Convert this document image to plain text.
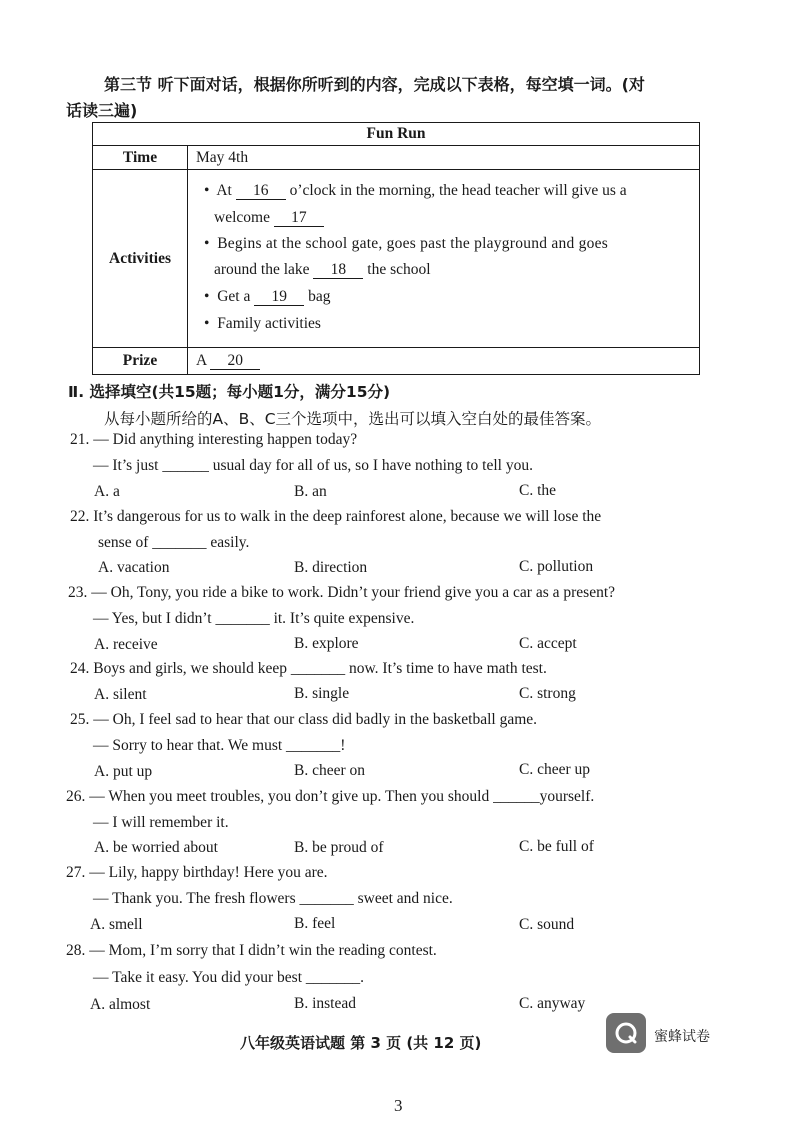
第三节 听下面对话，根据你所听到的内容，完成以下表格，每空填一词。(对
话读三遍)
Fun Run
Time	May 4th
Activities
• At 16 o’clock in the morning, the head teacher will give us a
welcome 17
• Begins at the school gate, goes past the playground and goes
around the lake 18 the school
• Get a 19 bag
• Family activities
Prize	A 20
Ⅱ. 选择填空(共15题；每小题1分，满分15分)
从每小题所给的A、B、C三个选项中，选出可以填入空白处的最佳答案。
21. — Did anything interesting happen today?
— It’s just ______ usual day for all of us, so I have nothing to tell you.
A. a	B. an	C. the
22. It’s dangerous for us to walk in the deep rainforest alone, because we will lose the
sense of _______ easily.
A. vacation	B. direction	C. pollution
23. — Oh, Tony, you ride a bike to work. Didn’t your friend give you a car as a present?
— Yes, but I didn’t _______ it. It’s quite expensive.
A. receive	B. explore	C. accept
24. Boys and girls, we should keep _______ now. It’s time to have math test.
A. silent	B. single	C. strong
25. — Oh, I feel sad to hear that our class did badly in the basketball game.
— Sorry to hear that. We must _______!
A. put up	B. cheer on	C. cheer up
26. — When you meet troubles, you don’t give up. Then you should ______yourself.
— I will remember it.
A. be worried about	B. be proud of	C. be full of
27. — Lily, happy birthday! Here you are.
— Thank you. The fresh flowers _______ sweet and nice.
A. smell	B. feel	C. sound
28. — Mom, I’m sorry that I didn’t win the reading contest.
— Take it easy. You did your best _______.
A. almost	B. instead	C. anyway
八年级英语试题 第 3 页 (共 12 页)	蜜蜂试卷
3
